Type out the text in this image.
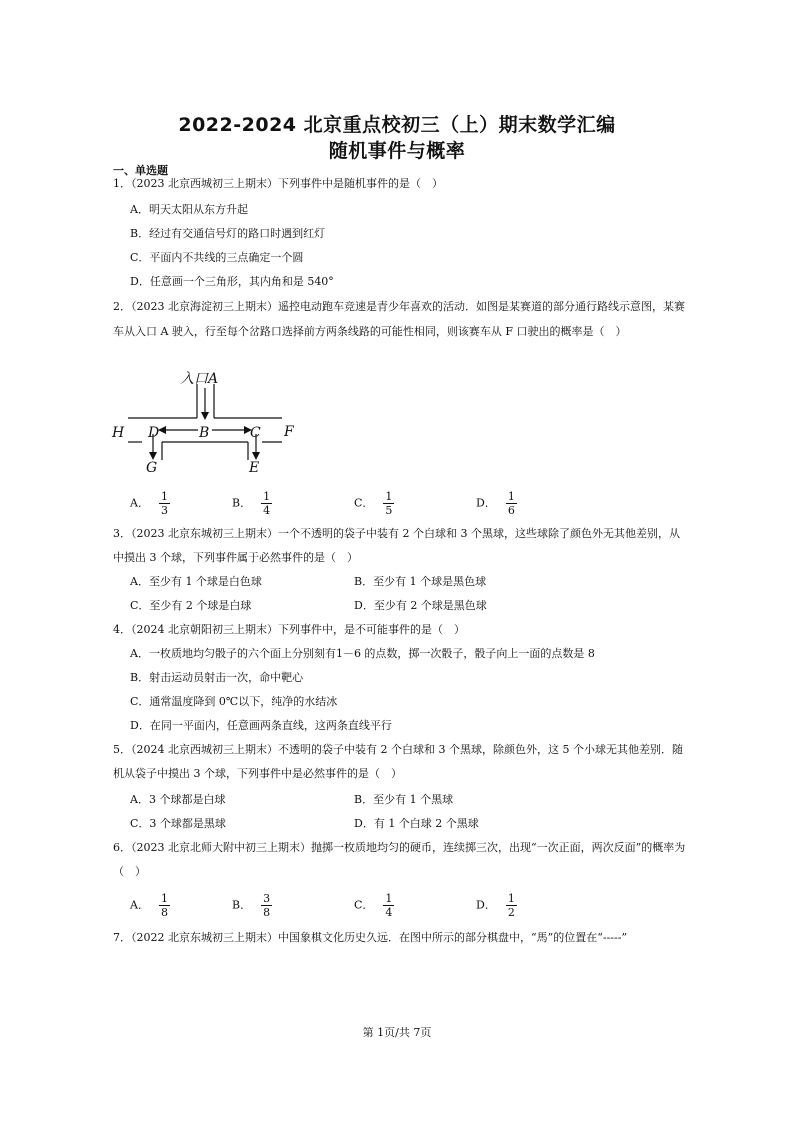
2022-2024 北京重点校初三（上）期末数学汇编
随机事件与概率
一、单选题
1．（2023 北京西城初三上期末）下列事件中是随机事件的是（　）
A．明天太阳从东方升起
B．经过有交通信号灯的路口时遇到红灯
C．平面内不共线的三点确定一个圆
D．任意画一个三角形，其内角和是 540°
2．（2023 北京海淀初三上期末）遥控电动跑车竞速是青少年喜欢的活动．如图是某赛道的部分通行路线示意图，某赛车从入口 A 驶入，行至每个岔路口选择前方两条线路的可能性相同，则该赛车从 F 口驶出的概率是（　）
入口A
H D	B	C F
G	E
A． $\frac{1}{3}$	B． $\frac{1}{4}$	C． $\frac{1}{5}$	D． $\frac{1}{6}$
3．（2023 北京东城初三上期末）一个不透明的袋子中装有 2 个白球和 3 个黑球，这些球除了颜色外无其他差别，从中摸出 3 个球，下列事件属于必然事件的是（　）
A．至少有 1 个球是白色球	B．至少有 1 个球是黑色球
C．至少有 2 个球是白球	D．至少有 2 个球是黑色球
4．（2024 北京朝阳初三上期末）下列事件中，是不可能事件的是（　）
A．一枚质地均匀骰子的六个面上分别刻有1－6 的点数，掷一次骰子，骰子向上一面的点数是 8
B．射击运动员射击一次，命中靶心
C．通常温度降到 0℃以下，纯净的水结冰
D．在同一平面内，任意画两条直线，这两条直线平行
5．（2024 北京西城初三上期末）不透明的袋子中装有 2 个白球和 3 个黑球，除颜色外，这 5 个小球无其他差别．随机从袋子中摸出 3 个球，下列事件中是必然事件的是（　）
A．3 个球都是白球	B．至少有 1 个黑球
C．3 个球都是黑球	D．有 1 个白球 2 个黑球
6．（2023 北京北师大附中初三上期末）抛掷一枚质地均匀的硬币，连续掷三次，出现“一次正面，两次反面”的概率为（　）
A． $\frac{1}{8}$	B． $\frac{3}{8}$	C． $\frac{1}{4}$	D． $\frac{1}{2}$
7．（2022 北京东城初三上期末）中国象棋文化历史久远．在图中所示的部分棋盘中，“馬”的位置在“-----”
第 1页/共 7页
